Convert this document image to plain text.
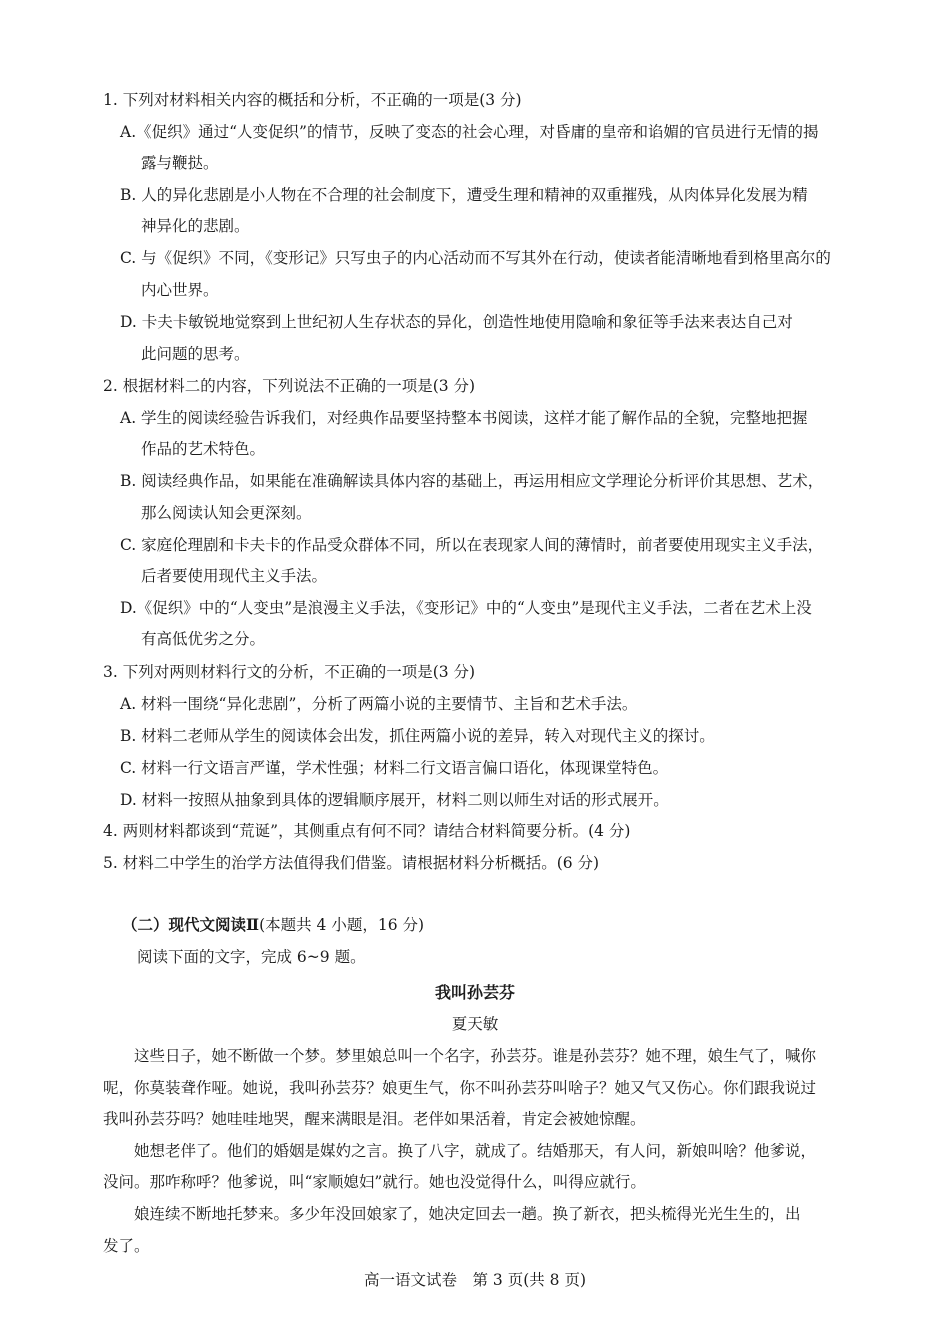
1. 下列对材料相关内容的概括和分析，不正确的一项是(3 分)
A.《促织》通过“人变促织”的情节，反映了变态的社会心理，对昏庸的皇帝和谄媚的官员进行无情的揭
露与鞭挞。
B. 人的异化悲剧是小人物在不合理的社会制度下，遭受生理和精神的双重摧残，从肉体异化发展为精
神异化的悲剧。
C. 与《促织》不同，《变形记》只写虫子的内心活动而不写其外在行动，使读者能清晰地看到格里高尔的
内心世界。
D. 卡夫卡敏锐地觉察到上世纪初人生存状态的异化，创造性地使用隐喻和象征等手法来表达自己对
此问题的思考。
2. 根据材料二的内容，下列说法不正确的一项是(3 分)
A. 学生的阅读经验告诉我们，对经典作品要坚持整本书阅读，这样才能了解作品的全貌，完整地把握
作品的艺术特色。
B. 阅读经典作品，如果能在准确解读具体内容的基础上，再运用相应文学理论分析评价其思想、艺术，
那么阅读认知会更深刻。
C. 家庭伦理剧和卡夫卡的作品受众群体不同，所以在表现家人间的薄情时，前者要使用现实主义手法，
后者要使用现代主义手法。
D.《促织》中的“人变虫”是浪漫主义手法，《变形记》中的“人变虫”是现代主义手法，二者在艺术上没
有高低优劣之分。
3. 下列对两则材料行文的分析，不正确的一项是(3 分)
A. 材料一围绕“异化悲剧”，分析了两篇小说的主要情节、主旨和艺术手法。
B. 材料二老师从学生的阅读体会出发，抓住两篇小说的差异，转入对现代主义的探讨。
C. 材料一行文语言严谨，学术性强；材料二行文语言偏口语化，体现课堂特色。
D. 材料一按照从抽象到具体的逻辑顺序展开，材料二则以师生对话的形式展开。
4. 两则材料都谈到“荒诞”，其侧重点有何不同？请结合材料简要分析。(4 分)
5. 材料二中学生的治学方法值得我们借鉴。请根据材料分析概括。(6 分)
（二）现代文阅读Ⅱ(本题共 4 小题，16 分)
阅读下面的文字，完成 6~9 题。
我叫孙芸芬
夏天敏
　　这些日子，她不断做一个梦。梦里娘总叫一个名字，孙芸芬。谁是孙芸芬？她不理，娘生气了，喊你
呢，你莫装聋作哑。她说，我叫孙芸芬？娘更生气，你不叫孙芸芬叫啥子？她又气又伤心。你们跟我说过
我叫孙芸芬吗？她哇哇地哭，醒来满眼是泪。老伴如果活着，肯定会被她惊醒。
　　她想老伴了。他们的婚姻是媒妁之言。换了八字，就成了。结婚那天，有人问，新娘叫啥？他爹说，
没问。那咋称呼？他爹说，叫“家顺媳妇”就行。她也没觉得什么，叫得应就行。
　　娘连续不断地托梦来。多少年没回娘家了，她决定回去一趟。换了新衣，把头梳得光光生生的，出
发了。
高一语文试卷　第 3 页(共 8 页)
